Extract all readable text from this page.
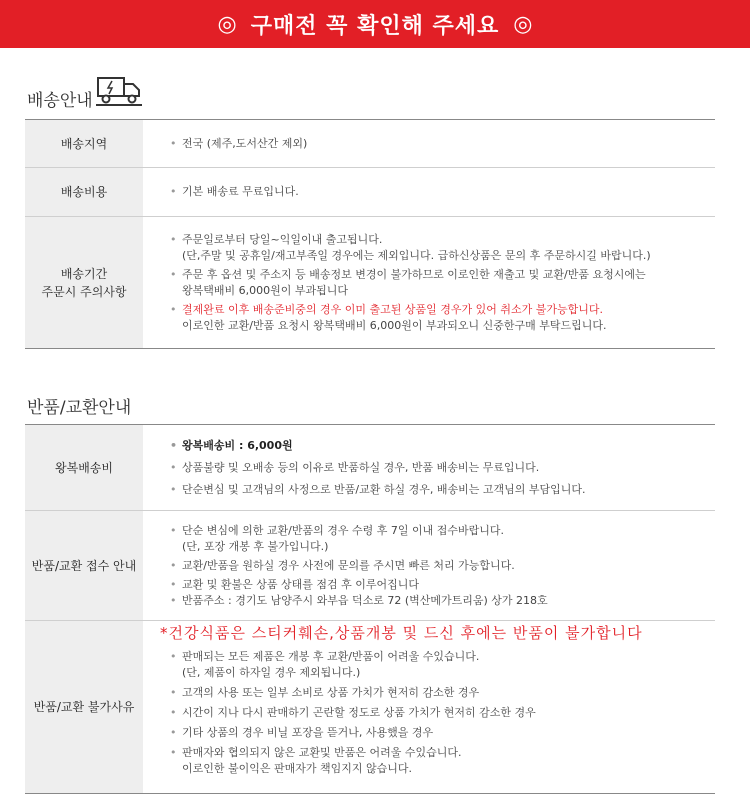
◎ 구매전 꼭 확인해 주세요 ◎
배송안내
배송지역	• 전국 (제주,도서산간 제외)
배송비용	• 기본 배송료 무료입니다.
배송기간
주문시 주의사항
• 주문일로부터 당일~익일이내 출고됩니다.
(단,주말 및 공휴일/재고부족일 경우에는 제외입니다. 급하신상품은 문의 후 주문하시길 바랍니다.)
• 주문 후 옵션 및 주소지 등 배송정보 변경이 불가하므로 이로인한 재출고 및 교환/반품 요청시에는
왕복택배비 6,000원이 부과됩니다
• 결제완료 이후 배송준비중의 경우 이미 출고된 상품일 경우가 있어 취소가 불가능합니다.
이로인한 교환/반품 요청시 왕복택배비 6,000원이 부과되오니 신중한구매 부탁드립니다.
반품/교환안내
왕복배송비
• 왕복배송비 : 6,000원
• 상품불량 및 오배송 등의 이유로 반품하실 경우, 반품 배송비는 무료입니다.
• 단순변심 및 고객님의 사정으로 반품/교환 하실 경우, 배송비는 고객님의 부담입니다.
반품/교환 접수 안내
• 단순 변심에 의한 교환/반품의 경우 수령 후 7일 이내 접수바랍니다.
(단, 포장 개봉 후 불가입니다.)
• 교환/반품을 원하실 경우 사전에 문의를 주시면 빠른 처리 가능합니다.
• 교환 및 환불은 상품 상태를 점검 후 이루어집니다
• 반품주소 : 경기도 남양주시 와부읍 덕소로 72 (벽산메가트리움) 상가 218호
반품/교환 불가사유
• 판매되는 모든 제품은 개봉 후 교환/반품이 어려울 수있습니다.
(단, 제품이 하자일 경우 제외됩니다.)
• 고객의 사용 또는 일부 소비로 상품 가치가 현저히 감소한 경우
• 시간이 지나 다시 판매하기 곤란할 정도로 상품 가치가 현저히 감소한 경우
• 기타 상품의 경우 비닐 포장을 뜯거나, 사용했을 경우
• 판매자와 협의되지 않은 교환및 반품은 어려울 수있습니다.
이로인한 불이익은 판매자가 책임지지 않습니다.
*건강식품은 스티커훼손,상품개봉 및 드신 후에는 반품이 불가합니다
